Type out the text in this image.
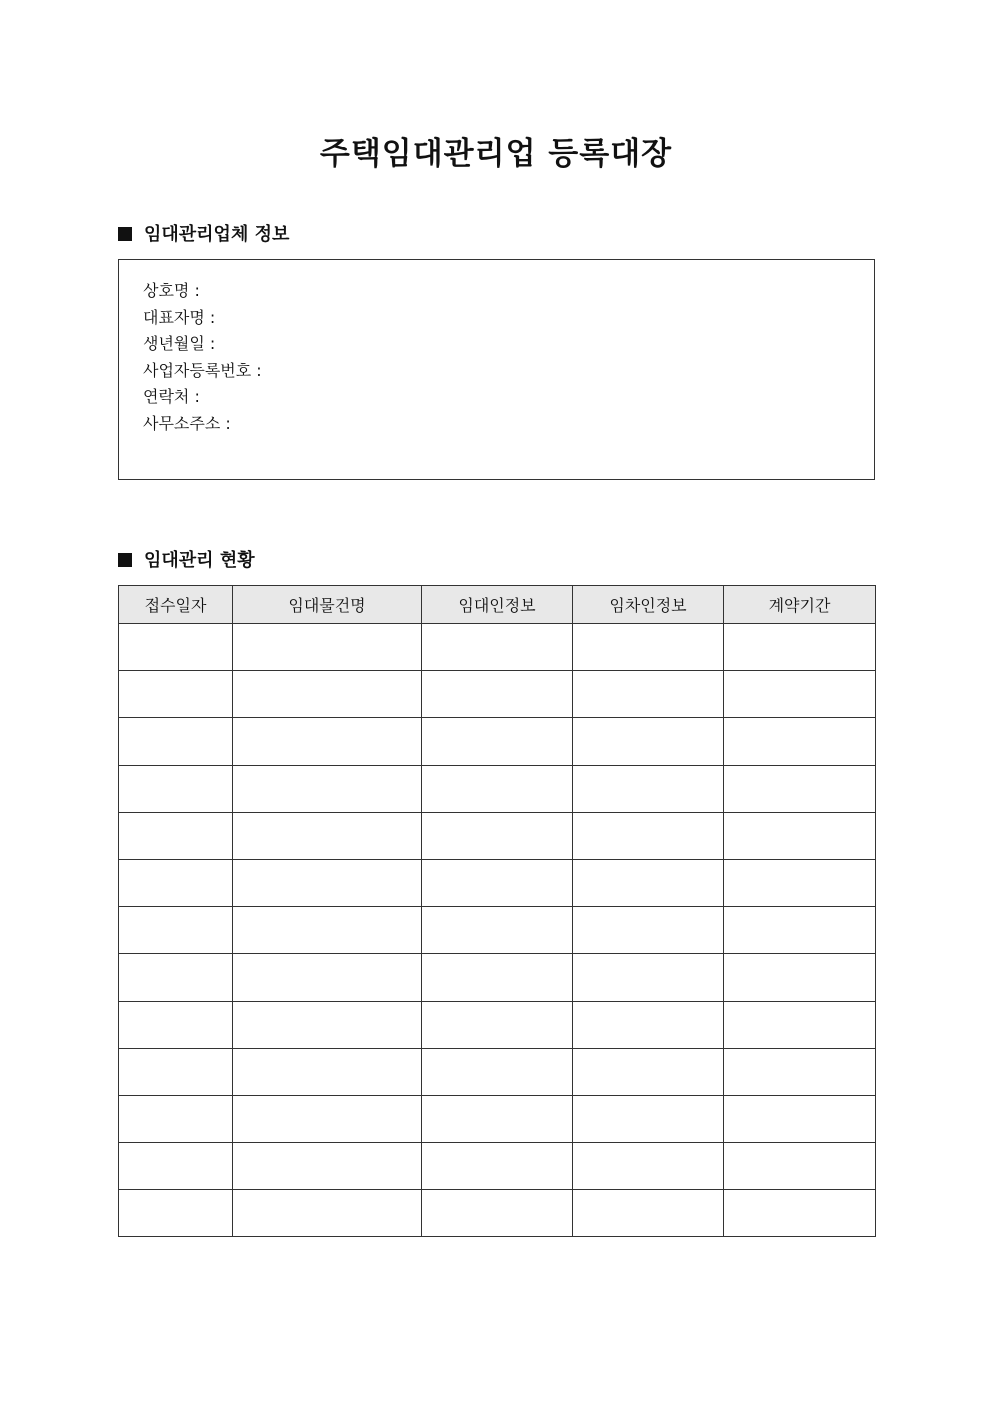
주택임대관리업 등록대장
임대관리업체 정보
상호명 :
대표자명 :
생년월일 :
사업자등록번호 :
연락처 :
사무소주소 :
임대관리 현황
접수일자	임대물건명	임대인정보	임차인정보	계약기간
